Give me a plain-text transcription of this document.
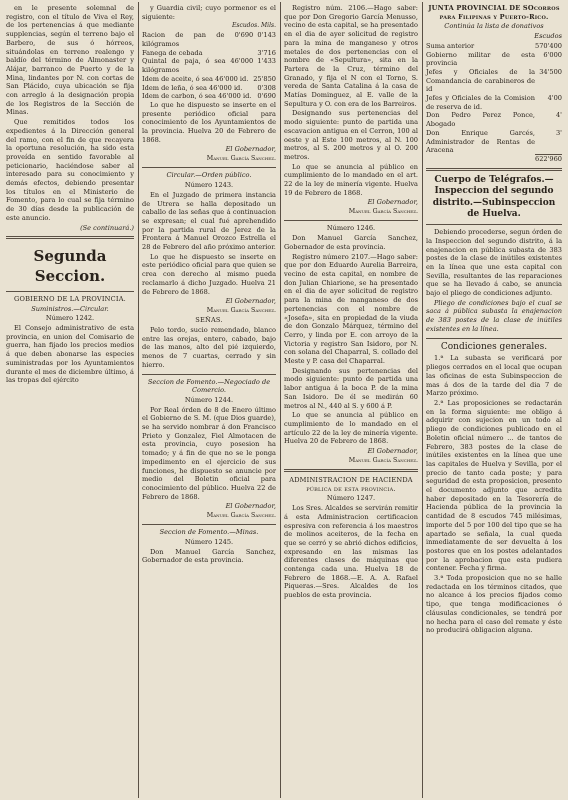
en le presente solemnal de registro, con el título de Viva el Rey, de los pertenencias á que mediante supplencias, según el terreno bajo el Barbero, de sus ó hórreos, situándolas en terreno realengo y baldío del término de Almonaster y Alájar, barranco de Puerto y de la Mina, lindantes por N. con cortas de San Plácido, cuya ubicación se fija con arreglo á la designación propia de los Registros de la Sección de Minas.

Que remitidos todos los expedientes á la Dirección general del ramo, con el fin de que recayera la oportuna resolución, ha sido esta proveída en sentido favorable al peticionario, haciéndose saber al interesado para su conocimiento y demás efectos, debiendo presentar los títulos en el Ministerio de Fomento, para lo cual se fija término de 30 días desde la publicación de este anuncio.

(Se continuará.)

Segunda Seccion.

GOBIERNO DE LA PROVINCIA.

Suministros.—Circular.

Número 1242.

El Consejo administrativo de esta provincia, en union del Comisario de guerra, han fijado los precios medios á que deben abonarse las especies suministradas por los Ayuntamientos durante el mes de diciembre último, á las tropas del ejército

y Guardia civil; cuyo pormenor es el siguiente:

Escudos. Mils.

Racion de pan de 0'690 kilógramos	0'143
Fanega de cebada	3'716
Quintal de paja, ó sea 46'000 kilógramos	1'433
Idem de aceite, ó sea 46'000 id.	25'850
Idem de leña, ó sea 46'000 id.	0'308
Idem de carbon, ó sea 46'000 id.	0'690

Lo que he dispuesto se inserte en el presente periódico oficial para conocimiento de los Ayuntamientos de la provincia. Huelva 20 de Febrero de 1868.

El Gobernador,

Manuel García Sanchez.

Circular.—Orden público.

Número 1243.

En el Juzgado de primera instancia de Utrera se halla depositado un caballo de las señas que á continuacion se expresan; el cual fué aprehendido por la partida rural de Jerez de la Frontera á Manuel Orozco Estrella el 28 de Febrero del año próximo anterior.

Lo que he dispuesto se inserte en este periódico oficial para que quien se crea con derecho al mismo pueda reclamarlo á dicho Juzgado. Huelva 21 de Febrero de 1868.

El Gobernador,

Manuel García Sanchez.

SEÑAS.

Pelo tordo, sucio remendado, blanco entre las orejas, entero, cabado, bajo de las manos, alto del pié izquierdo, menos de 7 cuartas, cerrado y sin hierro.

Seccion de Fomento.—Negociado de Comercio.

Número 1244.

Por Real órden de 8 de Enero último el Gobierno de S. M. (que Dios guarde), se ha servido nombrar á don Francisco Prieto y Gonzalez, Fiel Almotacen de esta provincia, cuyo posesion ha tomado; y á fin de que no se le ponga impedimento en el ejercicio de sus funciones, he dispuesto se anuncie por medio del Boletin oficial para conocimiento del público. Huelva 22 de Febrero de 1868.

El Gobernador,

Manuel García Sanchez.

Seccion de Fomento.—Minas.

Número 1245.

Don Manuel García Sanchez, Gobernador de esta provincia.

Registro núm. 2106.—Hago saber: que por Don Gregorio García Menusso, vecino de esta capital, se ha presentado en el dia de ayer solicitud de registro para la mina de manganeso y otros metales de dos pertenencias con el nombre de «Sepultura», sita en la Partera de la Cruz, término del Granado, y fija el N con el Torno, S. vereda de Santa Catalina á la casa de Matías Dominguez, al E. valle de la Sepultura y O. con era de los Barreiros.

Designando sus pertenencias del modo siguiente: punto de partida una escavacion antigua en el Cerron, 100 al oeste y al Este 100 metros, al N. 100 metros, al S. 200 metros y al O. 200 metros.

Lo que se anuncia al público en cumplimiento de lo mandado en el art. 22 de la ley de minería vigente. Huelva 19 de Febrero de 1868.

El Gobernador,

Manuel García Sanchez.

Número 1246.

Don Manuel García Sanchez, Gobernador de esta provincia.

Registro número 2107.—Hago saber: que por don Eduardo Aurelia Barreira, vecino de esta capital, en nombre de don Julian Chiarione, se ha presentado en el dia de ayer solicitud de registro para la mina de manganeso de dos pertenencias con el nombre de «Josefa», sita en propiedad de la viuda de don Gonzalo Márquez, término del Cerro, y linda por E. con arroyo de la Victoria y registro San Isidoro, por N. con solana del Chaparral, S. collado del Meste y P. casa del Chaparral.

Designando sus pertenencias del modo siguiente: punto de partida una labor antigua á la boca P. de la mina San Isidoro. De él se medirán 60 metros al N., 440 al S. y 600 á P.

Lo que se anuncia al público en cumplimiento de lo mandado en el artículo 22 de la ley de minería vigente. Huelva 20 de Febrero de 1868.

El Gobernador,

Manuel García Sanchez.

ADMINISTRACION DE HACIENDA pública de esta provincia.

Número 1247.

Los Sres. Alcaldes se servirán remitir á esta Administracion certificacion espresiva con referencia á los maestros de molinos aceiteros, de la fecha en que se cerró y se abrió dichos edificios, expresando en las mismas las diferentes clases de máquinas que contenga cada una. Huelva 18 de Febrero de 1868.—E. A. A. Rafael Piqueras.—Sres. Alcaldes de los pueblos de esta provincia.

JUNTA PROVINCIAL DE SOcorros para Filipinas y Puerto-Rico.

Continúa la lista de donativos

Escudos

Suma anterior	570'400
Gobierno militar de esta provincia	6'000
Jefes y Oficiales de la Comandancia de carabineros de id	34'500
Jefes y Oficiales de la Comision de reserva de id.	4'00
Don Pedro Perez Ponce, Abogado	4'
Don Enrique Garcés, Administrador de Rentas de Aracena	3'
	622'960
Cuerpo de Telégrafos.—Inspeccion del segundo distrito.—Subinspeccion de Huelva.

Debiendo procederse, segun órden de la Inspeccion del segundo distrito, á la enajenacion en pública subasta de 383 postes de la clase de inútiles existentes en la línea que une esta capital con Sevilla, resultantes de las reparaciones que se ha llevado á cabo, se anuncia bajo el pliego de condiciones adjunto.

Pliego de condiciones bajo el cual se saca á pública subasta la enajenacion de 383 postes de la clase de inútiles existentes en la línea.

Condiciones generales.

1.ª La subasta se verificará por pliegos cerrados en el local que ocupan las oficinas de esta Subinspeccion de mas á dos de la tarde del dia 7 de Marzo próximo.

2.ª Las proposiciones se redactarán en la forma siguiente: me obligo á adquirir con sujecion en un todo al pliego de condiciones publicado en el Boletin oficial número ... de tantos de Febrero, 383 postes de la clase de inútiles existentes en la línea que une las capitales de Huelva y Sevilla, por el precio de tanto cada poste; y para seguridad de esta proposicion, presento el documento adjunto que acredita haber depositado en la Tesorería de Hacienda pública de la provincia la cantidad de 8 escudos 745 milésimas, importe del 5 por 100 del tipo que se ha apartado se señala, la cual queda inmediatamente de ser devuelta á los postores que en los postes adelantados por la aprobacion que esta pudiera contener. Fecha y firma.

3.ª Toda proposicion que no se halle redactada en los términos citados, que no alcance á los precios fijados como tipo, que tenga modificaciones ó cláusulas condicionales, se tendrá por no hecha para el caso del remate y éste no producirá obligacion alguna.
